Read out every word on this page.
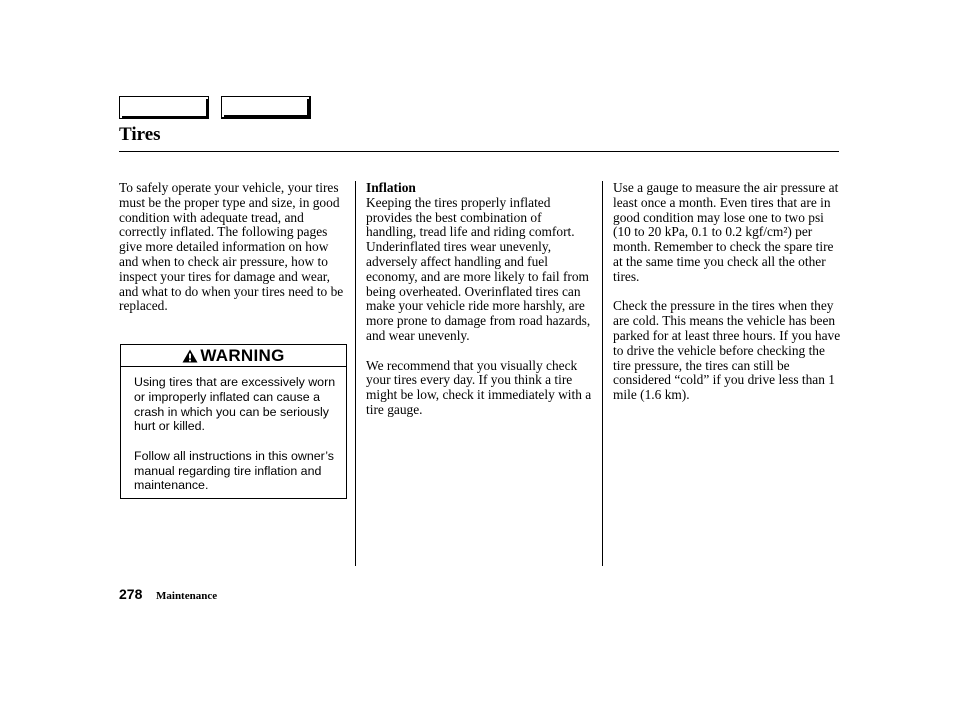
Tires

To safely operate your vehicle, your tires must be the proper type and size, in good condition with adequate tread, and correctly inflated. The following pages give more detailed information on how and when to check air pressure, how to inspect your tires for damage and wear, and what to do when your tires need to be replaced.

WARNING

Using tires that are excessively worn or improperly inflated can cause a crash in which you can be seriously hurt or killed.

Follow all instructions in this owner’s manual regarding tire inflation and maintenance.

Inflation
Keeping the tires properly inflated provides the best combination of handling, tread life and riding comfort. Underinflated tires wear unevenly, adversely affect handling and fuel economy, and are more likely to fail from being overheated. Overinflated tires can make your vehicle ride more harshly, are more prone to damage from road hazards, and wear unevenly.

We recommend that you visually check your tires every day. If you think a tire might be low, check it immediately with a tire gauge.

Use a gauge to measure the air pressure at least once a month. Even tires that are in good condition may lose one to two psi (10 to 20 kPa, 0.1 to 0.2 kgf/cm²) per month. Remember to check the spare tire at the same time you check all the other tires.

Check the pressure in the tires when they are cold. This means the vehicle has been parked for at least three hours. If you have to drive the vehicle before checking the tire pressure, the tires can still be considered “cold” if you drive less than 1 mile (1.6 km).

278 Maintenance
